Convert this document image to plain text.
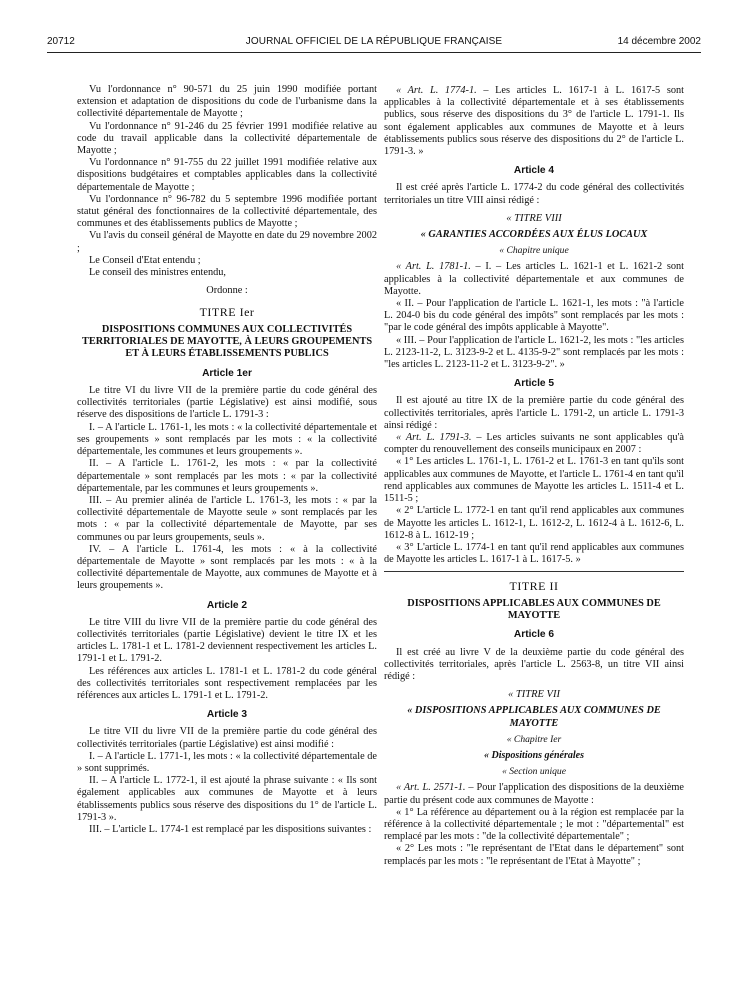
20712	JOURNAL OFFICIEL DE LA RÉPUBLIQUE FRANÇAISE	14 décembre 2002

Vu l'ordonnance n° 90-571 du 25 juin 1990 modifiée portant extension et adaptation de dispositions du code de l'urbanisme dans la collectivité départementale de Mayotte ;

Vu l'ordonnance n° 91-246 du 25 février 1991 modifiée relative au code du travail applicable dans la collectivité départementale de Mayotte ;

Vu l'ordonnance n° 91-755 du 22 juillet 1991 modifiée relative aux dispositions budgétaires et comptables applicables dans la collectivité départementale de Mayotte ;

Vu l'ordonnance n° 96-782 du 5 septembre 1996 modifiée portant statut général des fonctionnaires de la collectivité départementale, des communes et des établissements publics de Mayotte ;

Vu l'avis du conseil général de Mayotte en date du 29 novembre 2002 ;

Le Conseil d'Etat entendu ;

Le conseil des ministres entendu,

Ordonne :

TITRE Ier
DISPOSITIONS COMMUNES AUX COLLECTIVITÉS TERRITORIALES DE MAYOTTE, À LEURS GROUPEMENTS ET À LEURS ÉTABLISSEMENTS PUBLICS
Article 1er

Le titre VI du livre VII de la première partie du code général des collectivités territoriales (partie Législative) est ainsi modifié, sous réserve des dispositions de l'article L. 1791-3 :

I. – A l'article L. 1761-1, les mots : « la collectivité départementale et ses groupements » sont remplacés par les mots : « la collectivité départementale, les communes et leurs groupements ».

II. – A l'article L. 1761-2, les mots : « par la collectivité départementale » sont remplacés par les mots : « par la collectivité départementale, par les communes et leurs groupements ».

III. – Au premier alinéa de l'article L. 1761-3, les mots : « par la collectivité départementale de Mayotte seule » sont remplacés par les mots : « par la collectivité départementale de Mayotte, par ses communes ou par leurs groupements, seuls ».

IV. – A l'article L. 1761-4, les mots : « à la collectivité départementale de Mayotte » sont remplacés par les mots : « à la collectivité départementale de Mayotte, aux communes de Mayotte et à leurs groupements ».

Article 2

Le titre VIII du livre VII de la première partie du code général des collectivités territoriales (partie Législative) devient le titre IX et les articles L. 1781-1 et L. 1781-2 deviennent respectivement les articles L. 1791-1 et L. 1791-2.

Les références aux articles L. 1781-1 et L. 1781-2 du code général des collectivités territoriales sont respectivement remplacées par les références aux articles L. 1791-1 et L. 1791-2.

Article 3

Le titre VII du livre VII de la première partie du code général des collectivités territoriales (partie Législative) est ainsi modifié :

I. – A l'article L. 1771-1, les mots : « la collectivité départementale de » sont supprimés.

II. – A l'article L. 1772-1, il est ajouté la phrase suivante : « Ils sont également applicables aux communes de Mayotte et à leurs établissements publics sous réserve des dispositions du 1° de l'article L. 1791-3 ».

III. – L'article L. 1774-1 est remplacé par les dispositions suivantes :

« Art. L. 1774-1. – Les articles L. 1617-1 à L. 1617-5 sont applicables à la collectivité départementale et à ses établissements publics, sous réserve des dispositions du 3° de l'article L. 1791-1. Ils sont également applicables aux communes de Mayotte et à leurs établissements publics sous réserve des dispositions du 2° de l'article L. 1791-3. »

Article 4

Il est créé après l'article L. 1774-2 du code général des collectivités territoriales un titre VIII ainsi rédigé :

« TITRE VIII
« GARANTIES ACCORDÉES AUX ÉLUS LOCAUX
« Chapitre unique

« Art. L. 1781-1. – I. – Les articles L. 1621-1 et L. 1621-2 sont applicables à la collectivité départementale et aux communes de Mayotte.

« II. – Pour l'application de l'article L. 1621-1, les mots : "à l'article L. 204-0 bis du code général des impôts" sont remplacés par les mots : "par le code général des impôts applicable à Mayotte".

« III. – Pour l'application de l'article L. 1621-2, les mots : "les articles L. 2123-11-2, L. 3123-9-2 et L. 4135-9-2" sont remplacés par les mots : "les articles L. 2123-11-2 et L. 3123-9-2". »

Article 5

Il est ajouté au titre IX de la première partie du code général des collectivités territoriales, après l'article L. 1791-2, un article L. 1791-3 ainsi rédigé :

« Art. L. 1791-3. – Les articles suivants ne sont applicables qu'à compter du renouvellement des conseils municipaux en 2007 :

« 1° Les articles L. 1761-1, L. 1761-2 et L. 1761-3 en tant qu'ils sont applicables aux communes de Mayotte, et l'article L. 1761-4 en tant qu'il rend applicables aux communes de Mayotte les articles L. 1511-4 et L. 1511-5 ;

« 2° L'article L. 1772-1 en tant qu'il rend applicables aux communes de Mayotte les articles L. 1612-1, L. 1612-2, L. 1612-4 à L. 1612-6, L. 1612-8 à L. 1612-19 ;

« 3° L'article L. 1774-1 en tant qu'il rend applicables aux communes de Mayotte les articles L. 1617-1 à L. 1617-5. »

TITRE II
DISPOSITIONS APPLICABLES AUX COMMUNES DE MAYOTTE
Article 6

Il est créé au livre V de la deuxième partie du code général des collectivités territoriales, après l'article L. 2563-8, un titre VII ainsi rédigé :

« TITRE VII
« DISPOSITIONS APPLICABLES AUX COMMUNES DE MAYOTTE
« Chapitre Ier
« Dispositions générales
« Section unique

« Art. L. 2571-1. – Pour l'application des dispositions de la deuxième partie du présent code aux communes de Mayotte :

« 1° La référence au département ou à la région est remplacée par la référence à la collectivité départementale ; le mot : "départemental" est remplacé par les mots : "de la collectivité départementale" ;

« 2° Les mots : "le représentant de l'Etat dans le département" sont remplacés par les mots : "le représentant de l'Etat à Mayotte" ;
